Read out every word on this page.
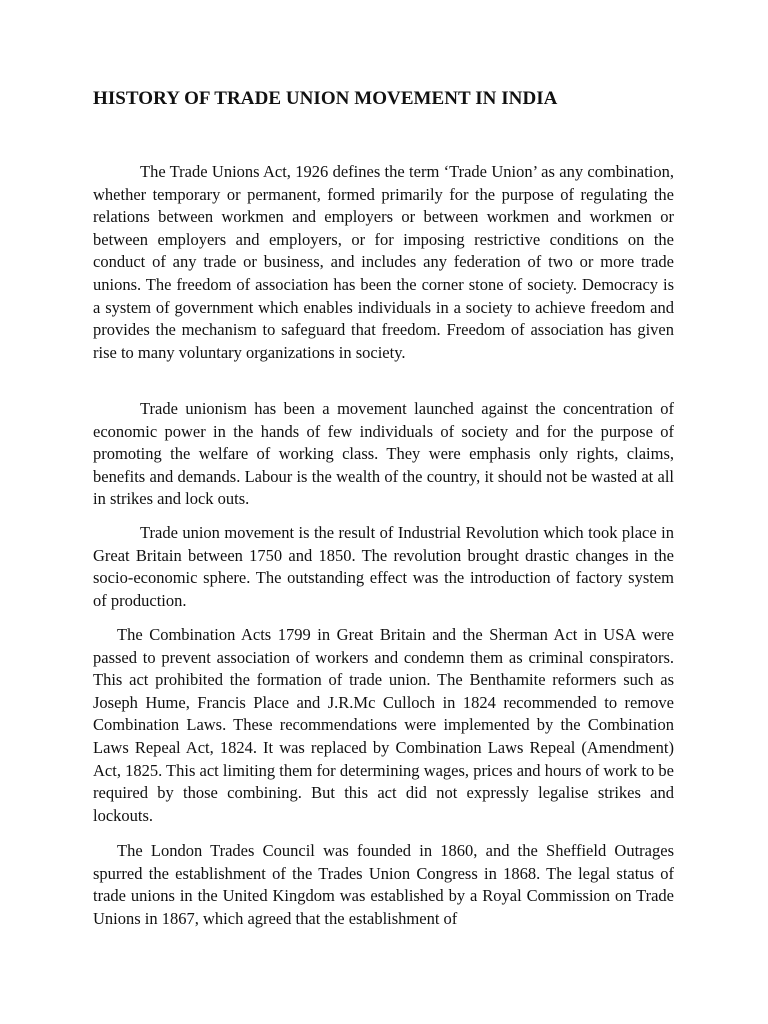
HISTORY OF TRADE UNION MOVEMENT IN INDIA

The Trade Unions Act, 1926 defines the term ‘Trade Union’ as any combination, whether temporary or permanent, formed primarily for the purpose of regulating the relations between workmen and employers or between workmen and workmen or between employers and employers, or for imposing restrictive conditions on the conduct of any trade or business, and includes any federation of two or more trade unions. The freedom of association has been the corner stone of society. Democracy is a system of government which enables individuals in a society to achieve freedom and provides the mechanism to safeguard that freedom. Freedom of association has given rise to many voluntary organizations in society.

Trade unionism has been a movement launched against the concentration of economic power in the hands of few individuals of society and for the purpose of promoting the welfare of working class. They were emphasis only rights, claims, benefits and demands. Labour is the wealth of the country, it should not be wasted at all in strikes and lock outs.

Trade union movement is the result of Industrial Revolution which took place in Great Britain between 1750 and 1850. The revolution brought drastic changes in the socio-economic sphere. The outstanding effect was the introduction of factory system of production.

The Combination Acts 1799 in Great Britain and the Sherman Act in USA were passed to prevent association of workers and condemn them as criminal conspirators. This act prohibited the formation of trade union. The Benthamite reformers such as Joseph Hume, Francis Place and J.R.Mc Culloch in 1824 recommended to remove Combination Laws. These recommendations were implemented by the Combination Laws Repeal Act, 1824. It was replaced by Combination Laws Repeal (Amendment) Act, 1825. This act limiting them for determining wages, prices and hours of work to be required by those combining. But this act did not expressly legalise strikes and lockouts.

The London Trades Council was founded in 1860, and the Sheffield Outrages spurred the establishment of the Trades Union Congress in 1868. The legal status of trade unions in the United Kingdom was established by a Royal Commission on Trade Unions in 1867, which agreed that the establishment of
